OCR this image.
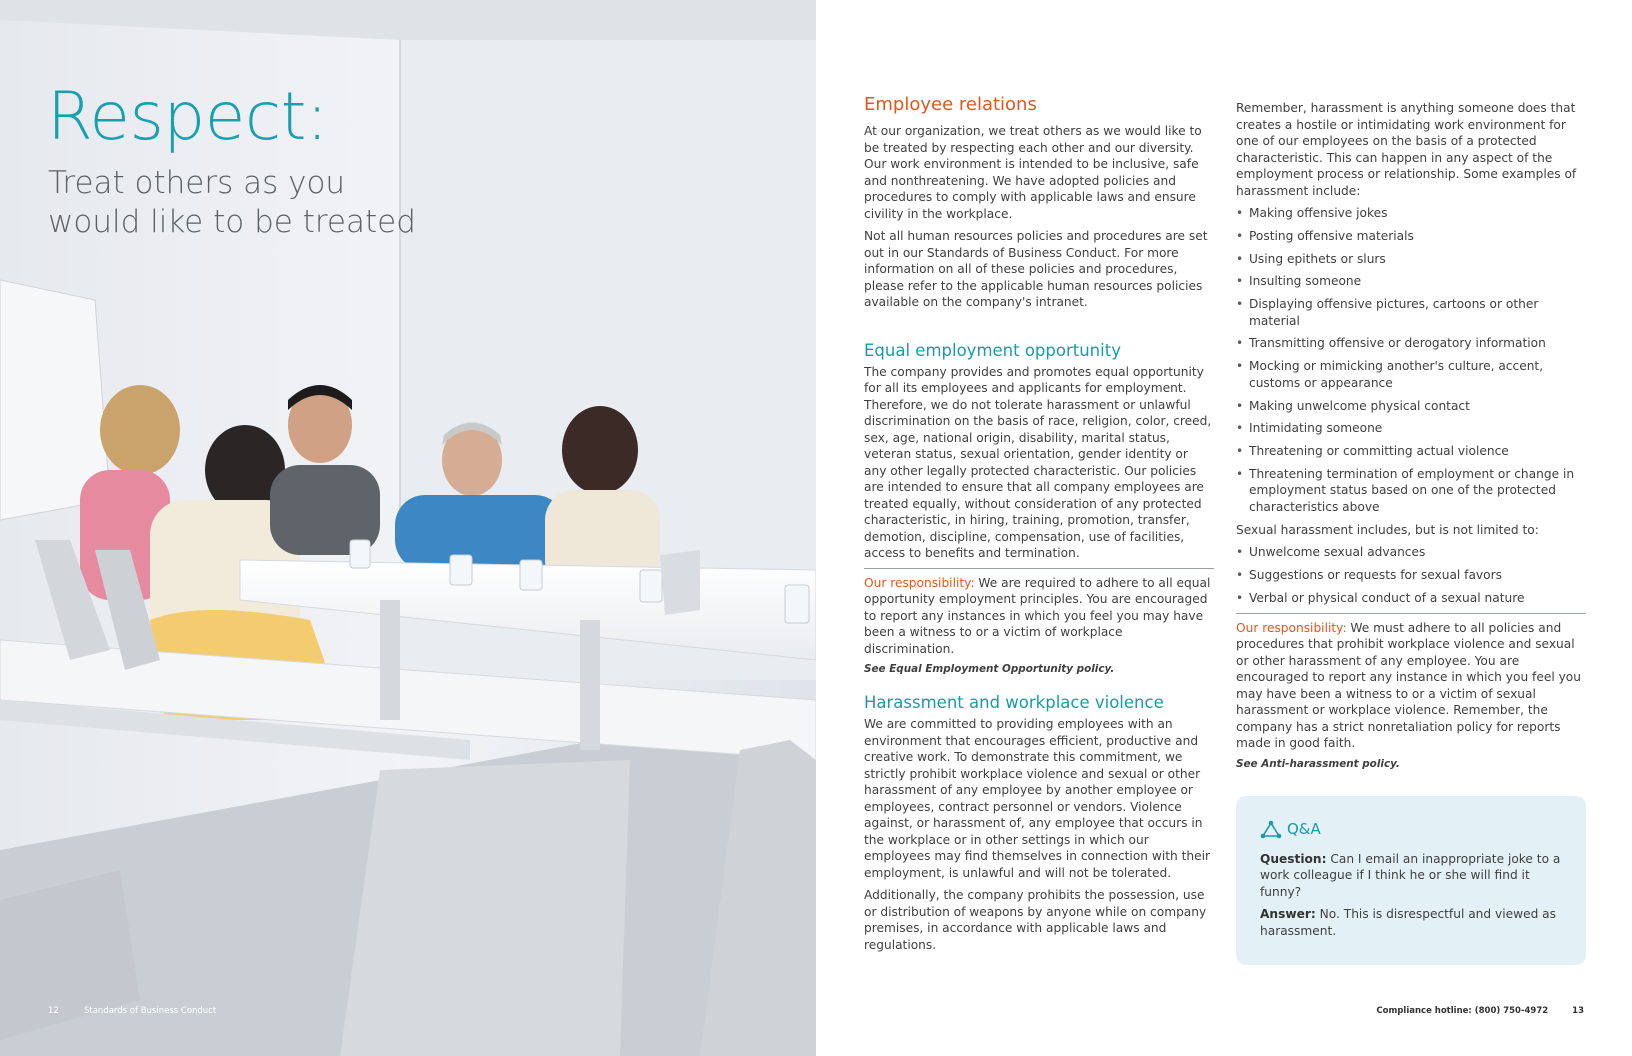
Respect:
Treat others as you would like to be treated
12	Standards of Business Conduct
Employee relations

At our organization, we treat others as we would like to be treated by respecting each other and our diversity. Our work environment is intended to be inclusive, safe and nonthreatening. We have adopted policies and procedures to comply with applicable laws and ensure civility in the workplace.

Not all human resources policies and procedures are set out in our Standards of Business Conduct. For more information on all of these policies and procedures, please refer to the applicable human resources policies available on the company's intranet.

Equal employment opportunity

The company provides and promotes equal opportunity for all its employees and applicants for employment. Therefore, we do not tolerate harassment or unlawful discrimination on the basis of race, religion, color, creed, sex, age, national origin, disability, marital status, veteran status, sexual orientation, gender identity or any other legally protected characteristic. Our policies are intended to ensure that all company employees are treated equally, without consideration of any protected characteristic, in hiring, training, promotion, transfer, demotion, discipline, compensation, use of facilities, access to benefits and termination.

Our responsibility: We are required to adhere to all equal opportunity employment principles. You are encouraged to report any instances in which you feel you may have been a witness to or a victim of workplace discrimination.

See Equal Employment Opportunity policy.

Harassment and workplace violence

We are committed to providing employees with an environment that encourages efficient, productive and creative work. To demonstrate this commitment, we strictly prohibit workplace violence and sexual or other harassment of any employee by another employee or employees, contract personnel or vendors. Violence against, or harassment of, any employee that occurs in the workplace or in other settings in which our employees may find themselves in connection with their employment, is unlawful and will not be tolerated.

Additionally, the company prohibits the possession, use or distribution of weapons by anyone while on company premises, in accordance with applicable laws and regulations.

Remember, harassment is anything someone does that creates a hostile or intimidating work environment for one of our employees on the basis of a protected characteristic. This can happen in any aspect of the employment process or relationship. Some examples of harassment include:

• Making offensive jokes
• Posting offensive materials
• Using epithets or slurs
• Insulting someone
• Displaying offensive pictures, cartoons or other material
• Transmitting offensive or derogatory information
• Mocking or mimicking another's culture, accent, customs or appearance
• Making unwelcome physical contact
• Intimidating someone
• Threatening or committing actual violence
• Threatening termination of employment or change in employment status based on one of the protected characteristics above

Sexual harassment includes, but is not limited to:

• Unwelcome sexual advances
• Suggestions or requests for sexual favors
• Verbal or physical conduct of a sexual nature

Our responsibility: We must adhere to all policies and procedures that prohibit workplace violence and sexual or other harassment of any employee. You are encouraged to report any instance in which you feel you may have been a witness to or a victim of sexual harassment or workplace violence. Remember, the company has a strict nonretaliation policy for reports made in good faith.

See Anti-harassment policy.

Q&A

Question: Can I email an inappropriate joke to a work colleague if I think he or she will find it funny?

Answer: No. This is disrespectful and viewed as harassment.

Compliance hotline: (800) 750-4972	13
